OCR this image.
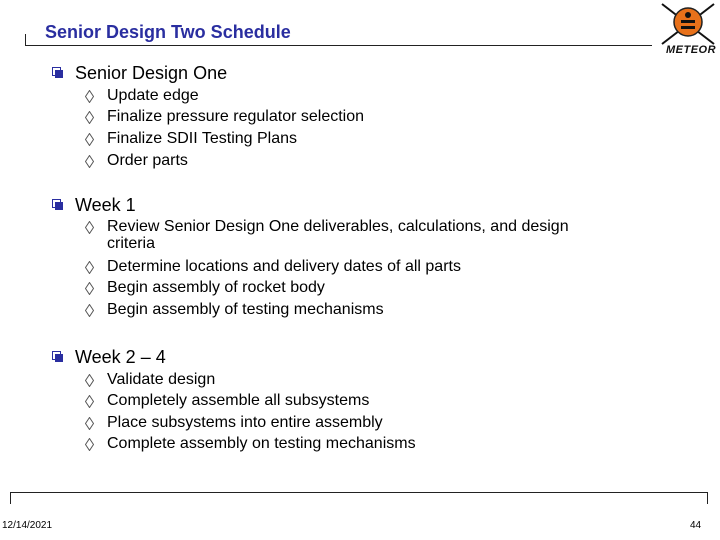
Senior Design Two Schedule
METEOR
Senior Design One
Update edge
Finalize pressure regulator selection
Finalize SDII Testing Plans
Order parts
Week 1
Review Senior Design One deliverables, calculations, and design
criteria
Determine locations and delivery dates of all parts
Begin assembly of rocket body
Begin assembly of testing mechanisms
Week 2 – 4
Validate design
Completely assemble all subsystems
Place subsystems into entire assembly
Complete assembly on testing mechanisms
12/14/2021	44
